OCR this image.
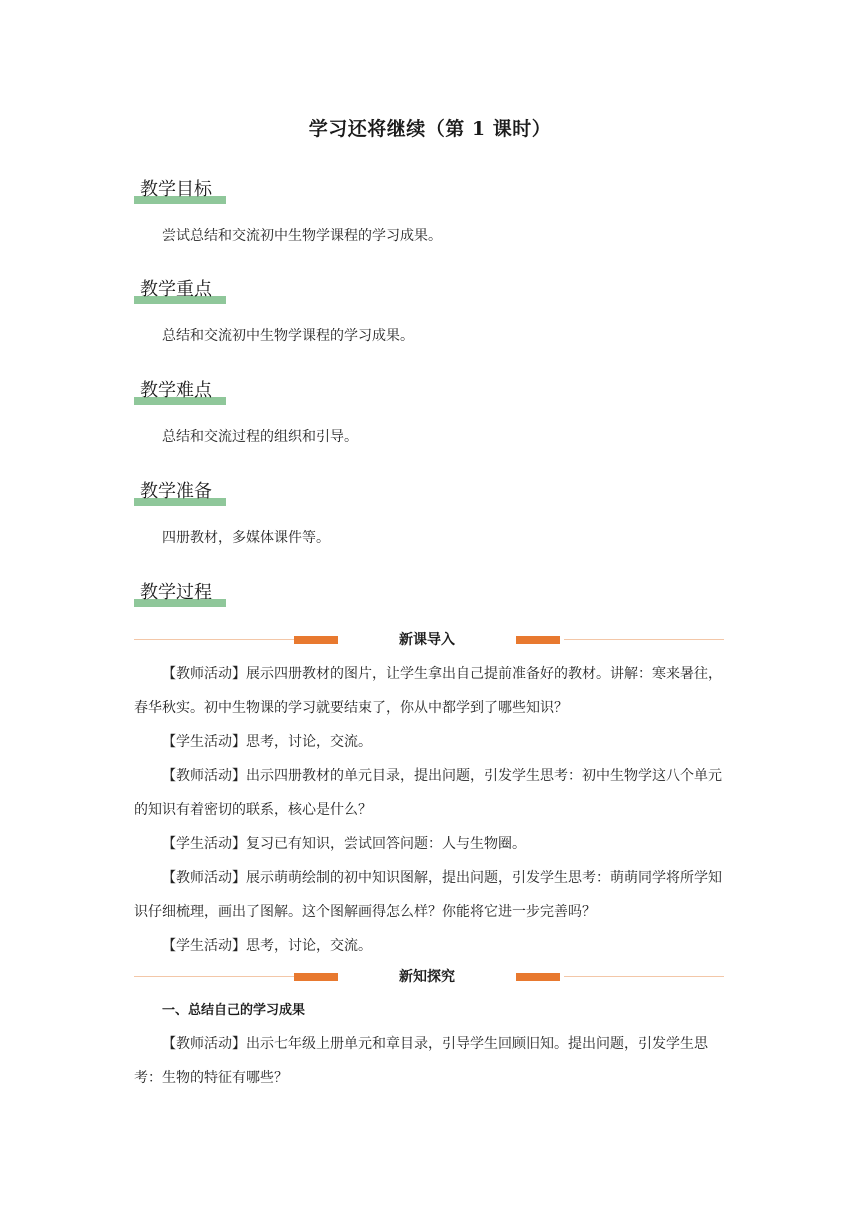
学习还将继续（第 1 课时）
教学目标
尝试总结和交流初中生物学课程的学习成果。
教学重点
总结和交流初中生物学课程的学习成果。
教学难点
总结和交流过程的组织和引导。
教学准备
四册教材，多媒体课件等。
教学过程
新课导入
【教师活动】展示四册教材的图片，让学生拿出自己提前准备好的教材。讲解：寒来暑往，春华秋实。初中生物课的学习就要结束了，你从中都学到了哪些知识？
【学生活动】思考，讨论，交流。
【教师活动】出示四册教材的单元目录，提出问题，引发学生思考：初中生物学这八个单元的知识有着密切的联系，核心是什么？
【学生活动】复习已有知识，尝试回答问题：人与生物圈。
【教师活动】展示萌萌绘制的初中知识图解，提出问题，引发学生思考：萌萌同学将所学知识仔细梳理，画出了图解。这个图解画得怎么样？你能将它进一步完善吗？
【学生活动】思考，讨论，交流。
新知探究
一、总结自己的学习成果
【教师活动】出示七年级上册单元和章目录，引导学生回顾旧知。提出问题，引发学生思考：生物的特征有哪些？
